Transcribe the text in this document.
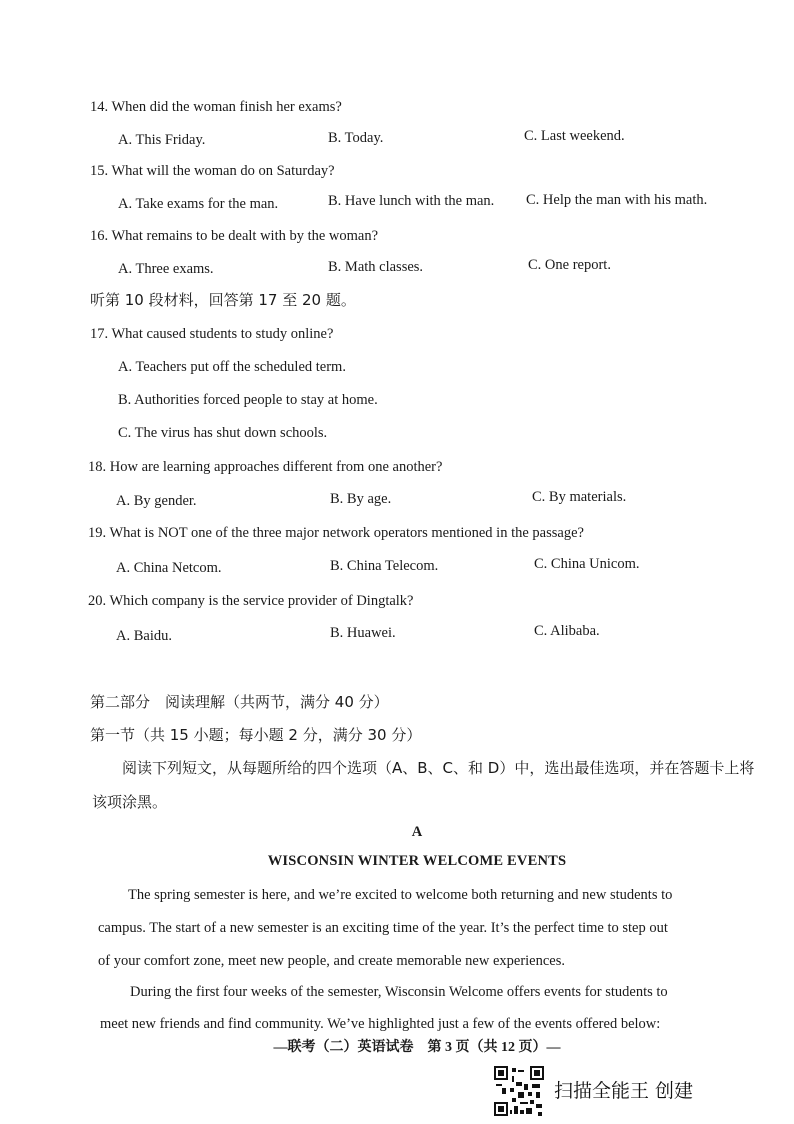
14. When did the woman finish her exams?
A. This Friday.	B. Today.	C. Last weekend.
15. What will the woman do on Saturday?
A. Take exams for the man.	B. Have lunch with the man. C. Help the man with his math.
16. What remains to be dealt with by the woman?
A. Three exams.	B. Math classes.	C. One report.
听第 10 段材料，回答第 17 至 20 题。
17. What caused students to study online?
A. Teachers put off the scheduled term.
B. Authorities forced people to stay at home.
C. The virus has shut down schools.
18. How are learning approaches different from one another?
A. By gender.	B. By age.	C. By materials.
19. What is NOT one of the three major network operators mentioned in the passage?
A. China Netcom.	B. China Telecom.	C. China Unicom.
20. Which company is the service provider of Dingtalk?
A. Baidu.	B. Huawei.	C. Alibaba.
第二部分　阅读理解（共两节，满分 40 分）
第一节（共 15 小题；每小题 2 分，满分 30 分）
阅读下列短文，从每题所给的四个选项（A、B、C、和 D）中，选出最佳选项，并在答题卡上将
该项涂黑。
A
WISCONSIN WINTER WELCOME EVENTS
The spring semester is here, and we’re excited to welcome both returning and new students to
campus. The start of a new semester is an exciting time of the year. It’s the perfect time to step out
of your comfort zone, meet new people, and create memorable new experiences.
During the first four weeks of the semester, Wisconsin Welcome offers events for students to
meet new friends and find community. We’ve highlighted just a few of the events offered below:
—联考（二）英语试卷　第 3 页（共 12 页）—
扫描全能王 创建
